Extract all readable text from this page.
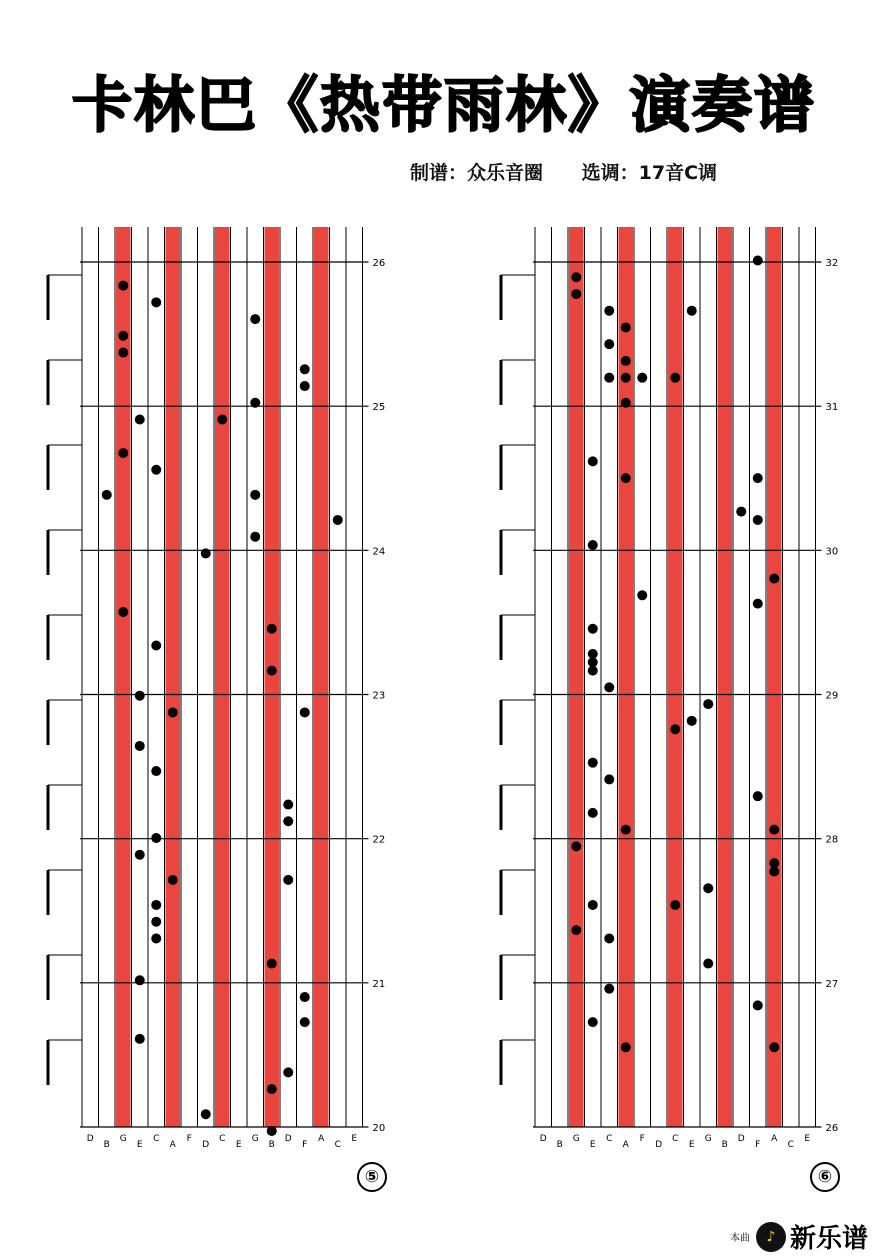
卡林巴《热带雨林》演奏谱
制谱：众乐音圈 选调：17音C调
26
25
24
23
22
21
20
D
B
G
E
C
A
F
D
C
E
G
B
D
F
A
C
E
32
31
30
29
28
27
26
D
B
G
E
C
A
F
D
C
E
G
B
D
F
A
C
E
⑤	⑥
本曲	♪ 新乐谱
